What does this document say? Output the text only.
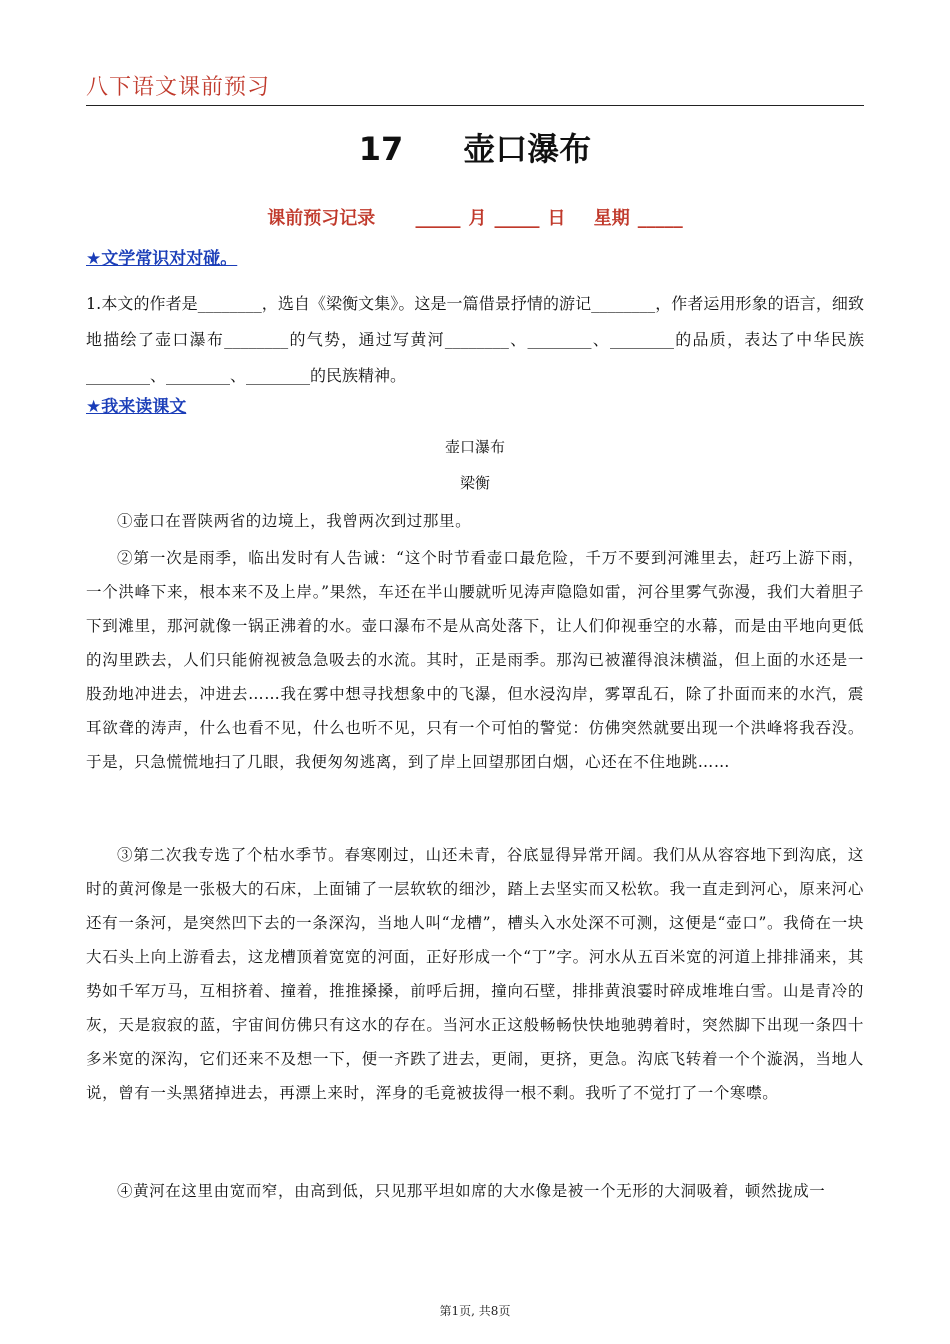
八下语文课前预习
17 壶口瀑布
课前预习记录 _____ 月 _____ 日 星期 _____
★文学常识对对碰。
1.本文的作者是________，选自《梁衡文集》。这是一篇借景抒情的游记________，作者运用形象的语言，细致地描绘了壶口瀑布________的气势，通过写黄河________、________、________的品质，表达了中华民族________、________、________的民族精神。
★我来读课文
壶口瀑布
梁衡
①壶口在晋陕两省的边境上，我曾两次到过那里。
②第一次是雨季，临出发时有人告诫：“这个时节看壶口最危险，千万不要到河滩里去，赶巧上游下雨，一个洪峰下来，根本来不及上岸。”果然，车还在半山腰就听见涛声隐隐如雷，河谷里雾气弥漫，我们大着胆子下到滩里，那河就像一锅正沸着的水。壶口瀑布不是从高处落下，让人们仰视垂空的水幕，而是由平地向更低的沟里跌去，人们只能俯视被急急吸去的水流。其时，正是雨季。那沟已被灌得浪沫横溢，但上面的水还是一股劲地冲进去，冲进去……我在雾中想寻找想象中的飞瀑，但水浸沟岸，雾罩乱石，除了扑面而来的水汽，震耳欲聋的涛声，什么也看不见，什么也听不见，只有一个可怕的警觉：仿佛突然就要出现一个洪峰将我吞没。于是，只急慌慌地扫了几眼，我便匆匆逃离，到了岸上回望那团白烟，心还在不住地跳……
③第二次我专选了个枯水季节。春寒刚过，山还未青，谷底显得异常开阔。我们从从容容地下到沟底，这时的黄河像是一张极大的石床，上面铺了一层软软的细沙，踏上去坚实而又松软。我一直走到河心，原来河心还有一条河，是突然凹下去的一条深沟，当地人叫“龙槽”，槽头入水处深不可测，这便是“壶口”。我倚在一块大石头上向上游看去，这龙槽顶着宽宽的河面，正好形成一个“丁”字。河水从五百米宽的河道上排排涌来，其势如千军万马，互相挤着、撞着，推推搡搡，前呼后拥，撞向石壁，排排黄浪霎时碎成堆堆白雪。山是青冷的灰，天是寂寂的蓝，宇宙间仿佛只有这水的存在。当河水正这般畅畅快快地驰骋着时，突然脚下出现一条四十多米宽的深沟，它们还来不及想一下，便一齐跌了进去，更闹，更挤，更急。沟底飞转着一个个漩涡，当地人说，曾有一头黑猪掉进去，再漂上来时，浑身的毛竟被拔得一根不剩。我听了不觉打了一个寒噤。
④黄河在这里由宽而窄，由高到低，只见那平坦如席的大水像是被一个无形的大洞吸着，顿然拢成一
第1页, 共8页
